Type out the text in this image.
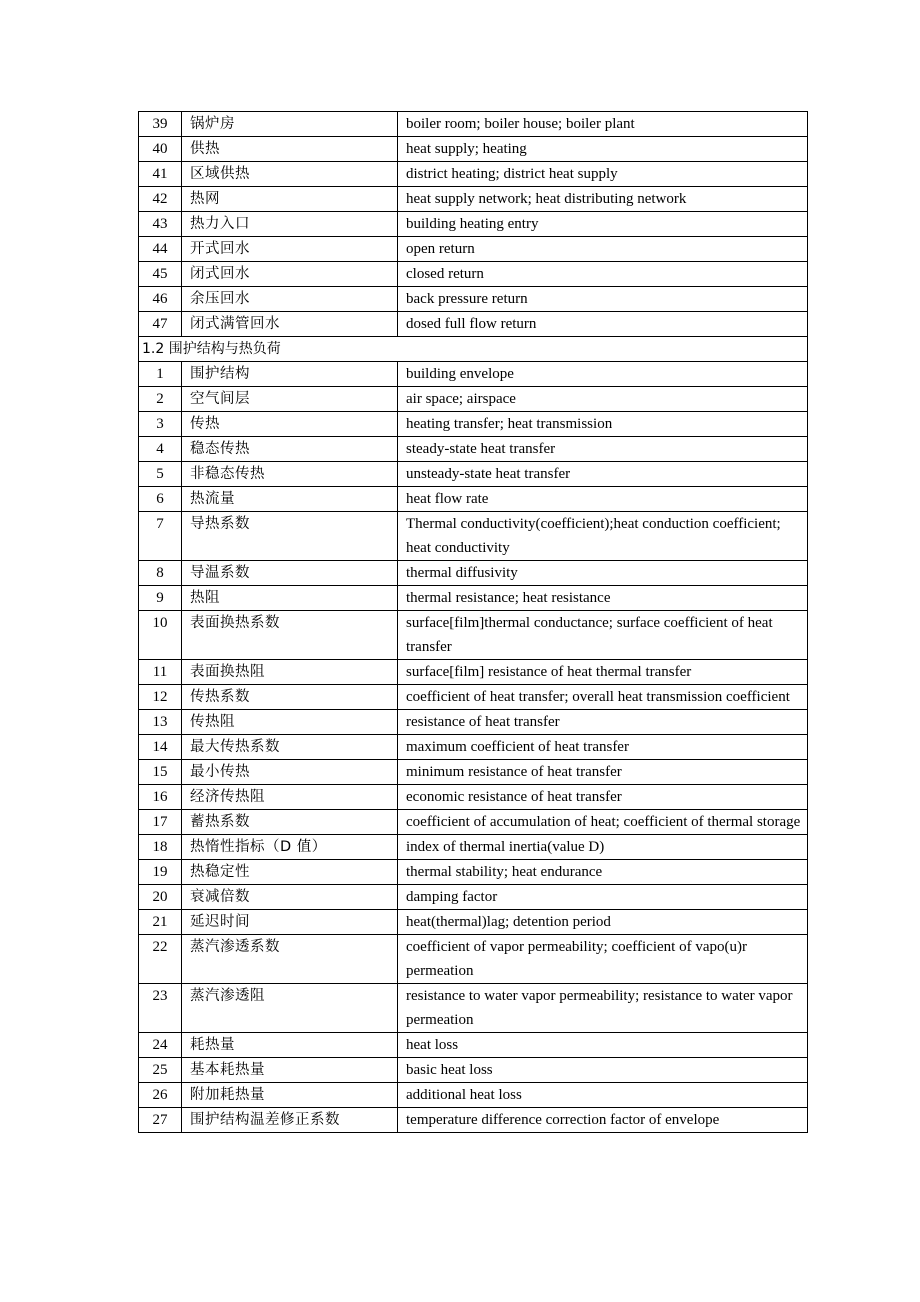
39	锅炉房	boiler room; boiler house; boiler plant
40	供热	heat supply; heating
41	区域供热	district heating; district heat supply
42	热网	heat supply network; heat distributing network
43	热力入口	building heating entry
44	开式回水	open return
45	闭式回水	closed return
46	余压回水	back pressure return
47	闭式满管回水	dosed full flow return
1.2 围护结构与热负荷		
1	围护结构	building envelope
2	空气间层	air space; airspace
3	传热	heating transfer; heat transmission
4	稳态传热	steady-state heat transfer
5	非稳态传热	unsteady-state heat transfer
6	热流量	heat flow rate
7	导热系数	Thermal conductivity(coefficient);heat conduction coefficient; heat conductivity
8	导温系数	thermal diffusivity
9	热阻	thermal resistance; heat resistance
10	表面换热系数	surface[film]thermal conductance; surface coefficient of heat transfer
11	表面换热阻	surface[film] resistance of heat thermal transfer
12	传热系数	coefficient of heat transfer; overall heat transmission coefficient
13	传热阻	resistance of heat transfer
14	最大传热系数	maximum coefficient of heat transfer
15	最小传热	minimum resistance of heat transfer
16	经济传热阻	economic resistance of heat transfer
17	蓄热系数	coefficient of accumulation of heat; coefficient of thermal storage
18	热惰性指标（D 值）	index of thermal inertia(value D)
19	热稳定性	thermal stability; heat endurance
20	衰减倍数	damping factor
21	延迟时间	heat(thermal)lag; detention period
22	蒸汽渗透系数	coefficient of vapor permeability; coefficient of vapo(u)r permeation
23	蒸汽渗透阻	resistance to water vapor permeability; resistance to water vapor permeation
24	耗热量	heat loss
25	基本耗热量	basic heat loss
26	附加耗热量	additional heat loss
27	围护结构温差修正系数	temperature difference correction factor of envelope
